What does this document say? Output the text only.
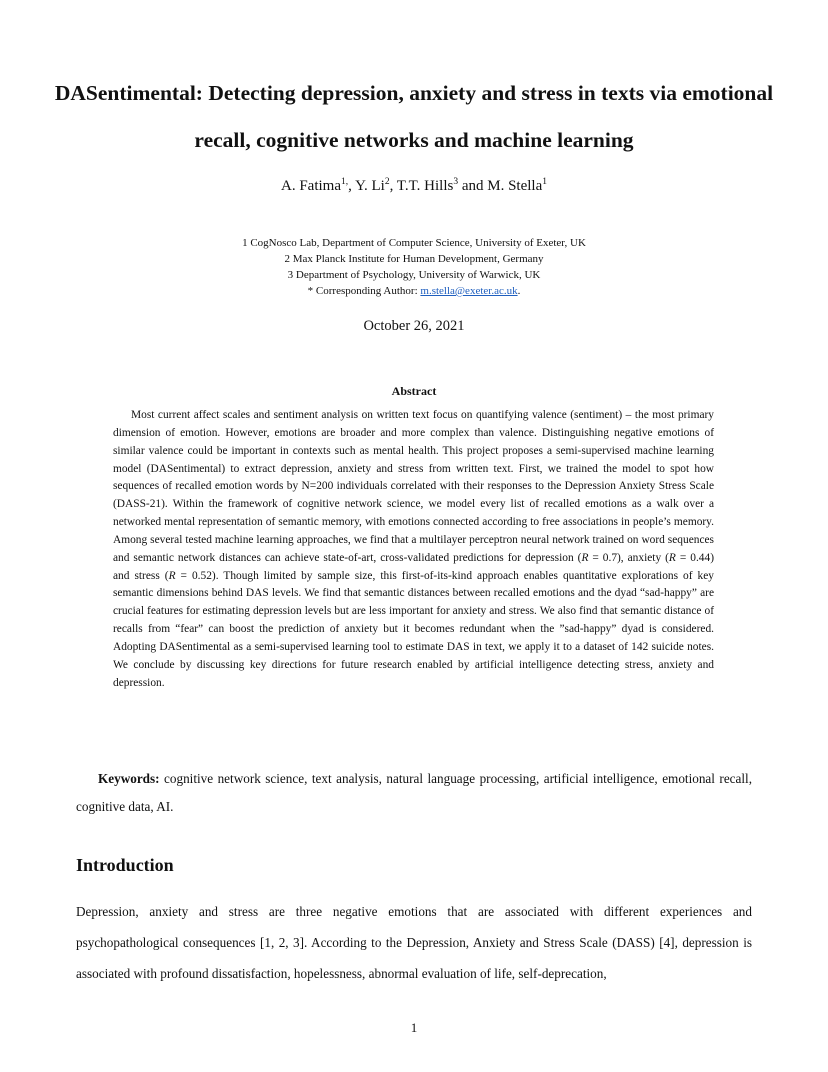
DASentimental: Detecting depression, anxiety and stress in texts via emotional recall, cognitive networks and machine learning
A. Fatima$^{1,}$, Y. Li$^2$, T.T. Hills$^3$ and M. Stella$^1$
1 CogNosco Lab, Department of Computer Science, University of Exeter, UK
2 Max Planck Institute for Human Development, Germany
3 Department of Psychology, University of Warwick, UK
* Corresponding Author: m.stella@exeter.ac.uk.
October 26, 2021
Abstract

Most current affect scales and sentiment analysis on written text focus on quantifying valence (sentiment) – the most primary dimension of emotion. However, emotions are broader and more complex than valence. Distinguishing negative emotions of similar valence could be important in contexts such as mental health. This project proposes a semi-supervised machine learning model (DASentimental) to extract depression, anxiety and stress from written text. First, we trained the model to spot how sequences of recalled emotion words by N=200 individuals correlated with their responses to the Depression Anxiety Stress Scale (DASS-21). Within the framework of cognitive network science, we model every list of recalled emotions as a walk over a networked mental representation of semantic memory, with emotions connected according to free associations in people’s memory. Among several tested machine learning approaches, we find that a multilayer perceptron neural network trained on word sequences and semantic network distances can achieve state-of-art, cross-validated predictions for depression (R = 0.7), anxiety (R = 0.44) and stress (R = 0.52). Though limited by sample size, this first-of-its-kind approach enables quantitative explorations of key semantic dimensions behind DAS levels. We find that semantic distances between recalled emotions and the dyad “sad-happy” are crucial features for estimating depression levels but are less important for anxiety and stress. We also find that semantic distance of recalls from “fear” can boost the prediction of anxiety but it becomes redundant when the ”sad-happy” dyad is considered. Adopting DASentimental as a semi-supervised learning tool to estimate DAS in text, we apply it to a dataset of 142 suicide notes. We conclude by discussing key directions for future research enabled by artificial intelligence detecting stress, anxiety and depression.

Keywords: cognitive network science, text analysis, natural language processing, artificial intelligence, emotional recall, cognitive data, AI.

Introduction

Depression, anxiety and stress are three negative emotions that are associated with different experiences and psychopathological consequences [1, 2, 3]. According to the Depression, Anxiety and Stress Scale (DASS) [4], depression is associated with profound dissatisfaction, hopelessness, abnormal evaluation of life, self-deprecation,

1
